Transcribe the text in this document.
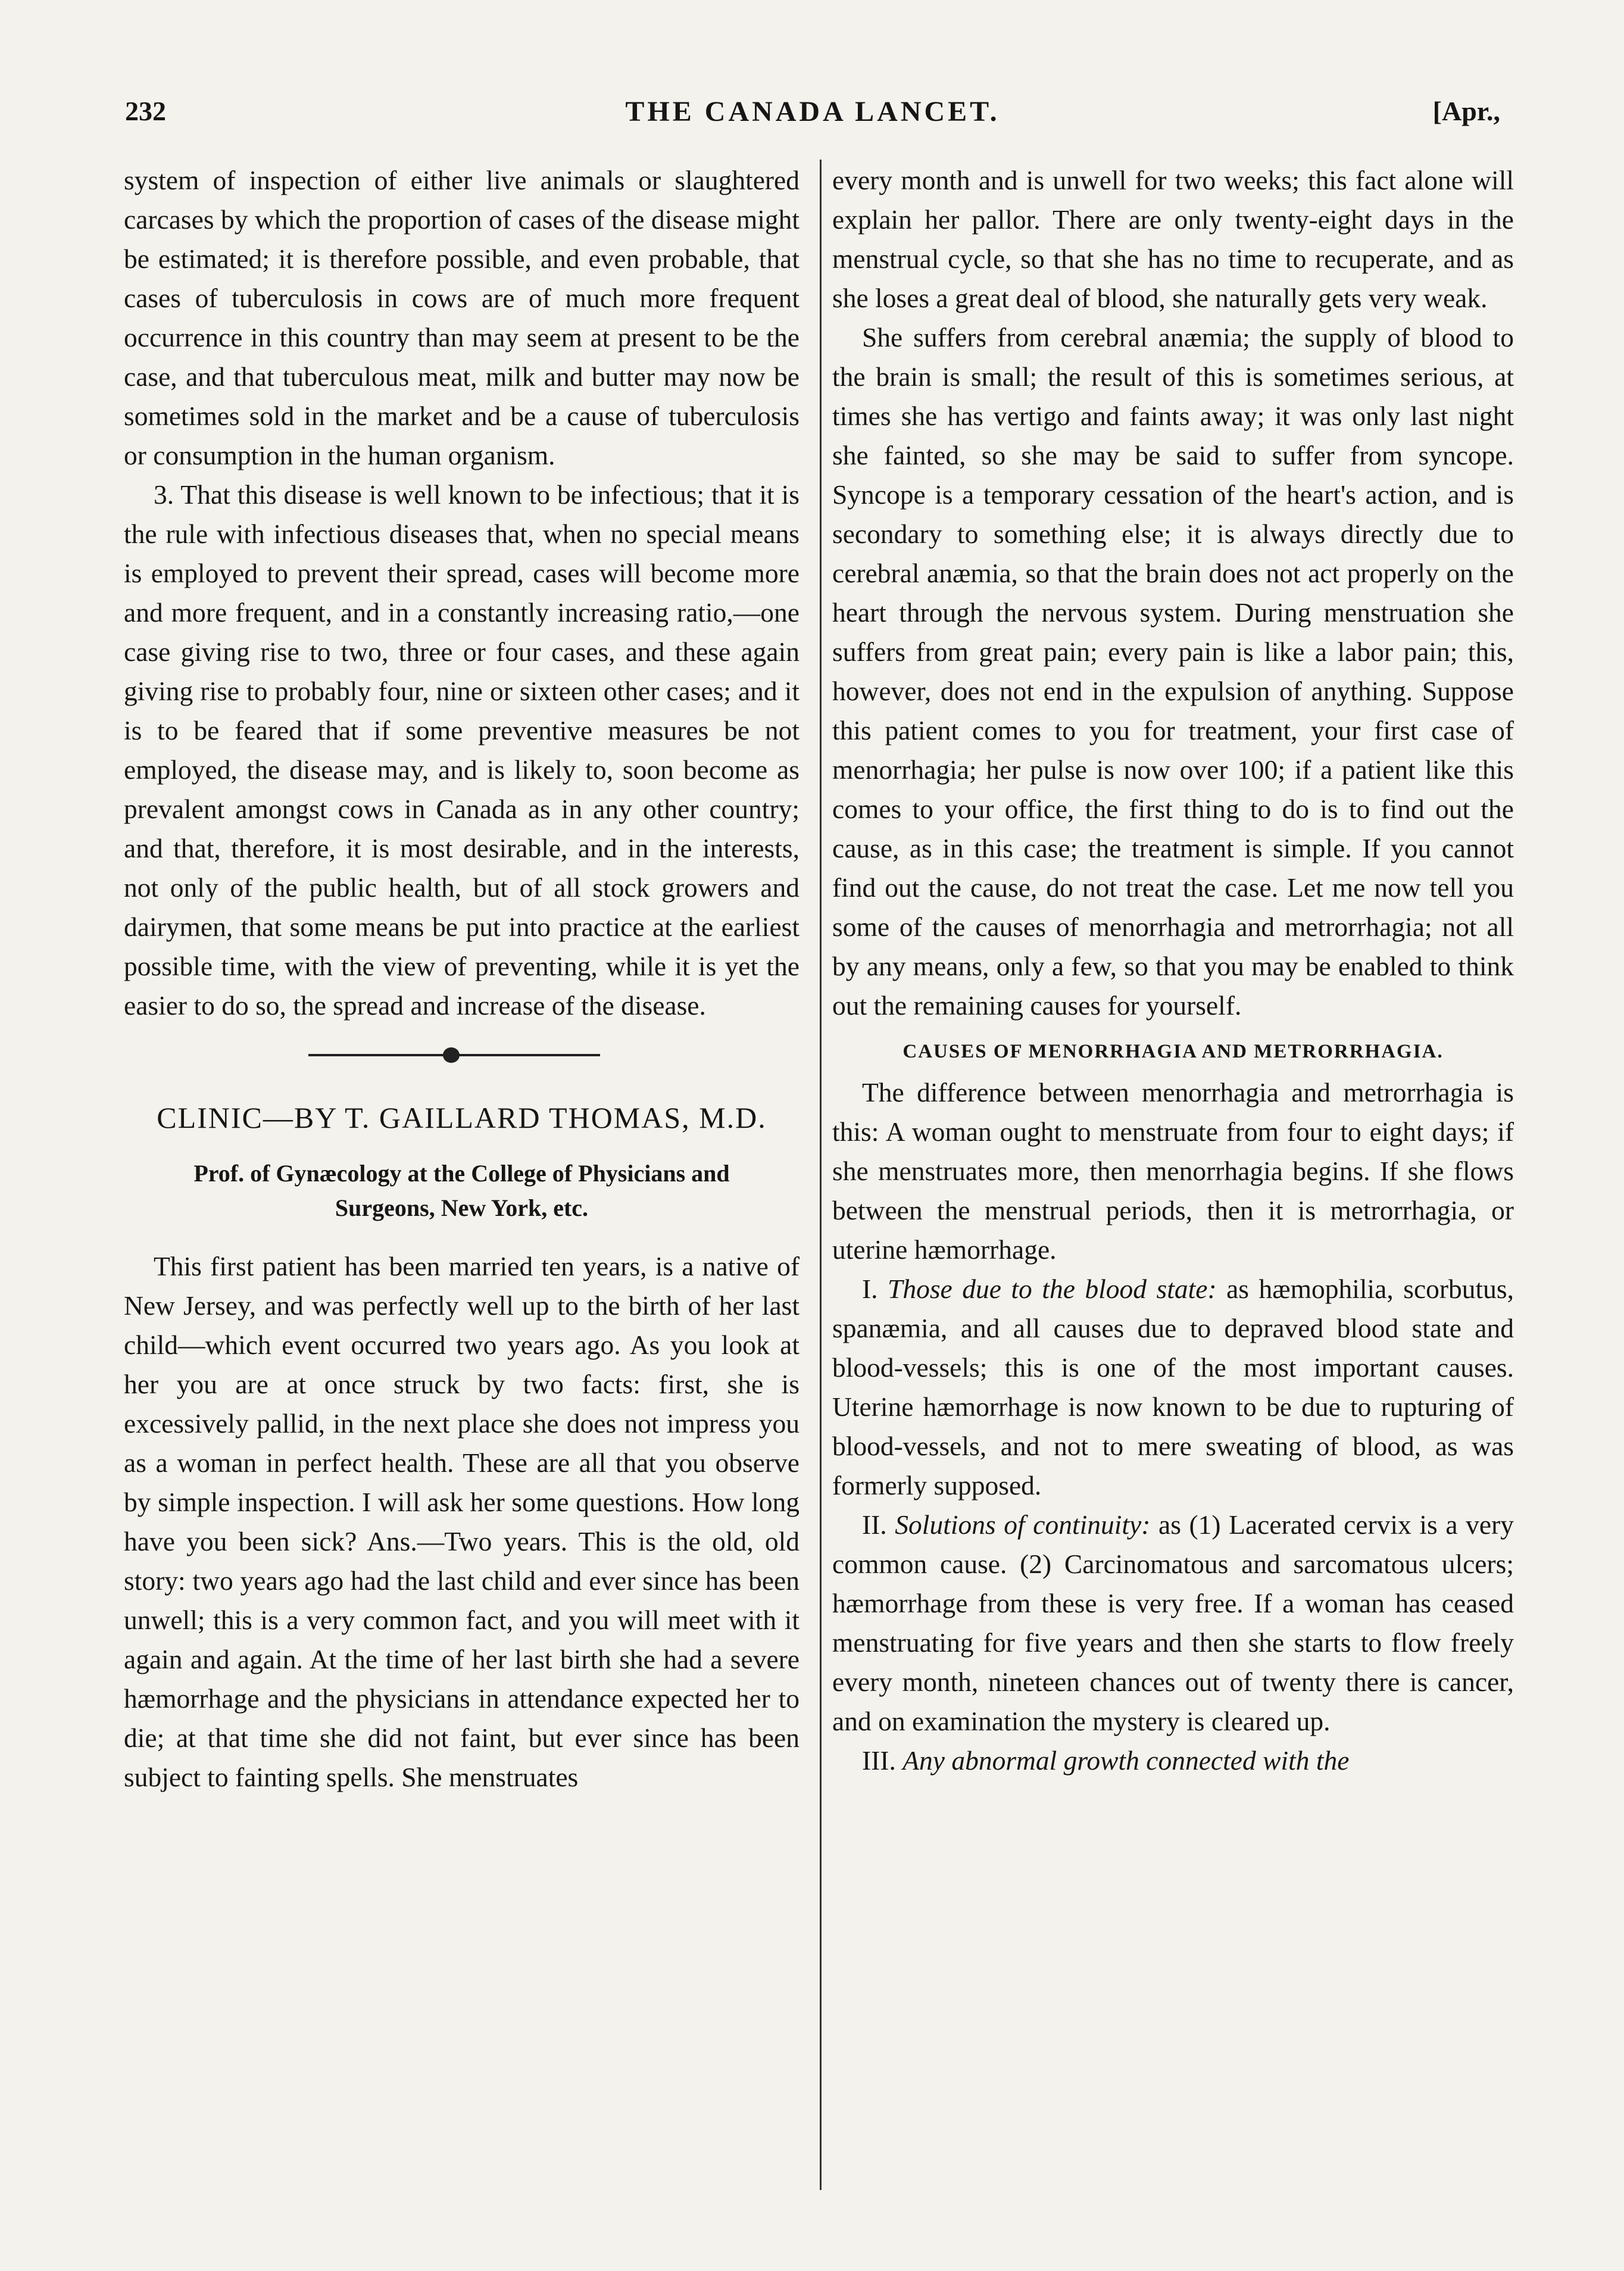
232	THE CANADA LANCET.	[Apr.,

system of inspection of either live animals or slaughtered carcases by which the proportion of cases of the disease might be estimated; it is therefore possible, and even probable, that cases of tuberculosis in cows are of much more frequent occurrence in this country than may seem at present to be the case, and that tuberculous meat, milk and butter may now be sometimes sold in the market and be a cause of tuberculosis or consumption in the human organism.

3. That this disease is well known to be infectious; that it is the rule with infectious diseases that, when no special means is employed to prevent their spread, cases will become more and more frequent, and in a constantly increasing ratio,—one case giving rise to two, three or four cases, and these again giving rise to probably four, nine or sixteen other cases; and it is to be feared that if some preventive measures be not employed, the disease may, and is likely to, soon become as prevalent amongst cows in Canada as in any other country; and that, therefore, it is most desirable, and in the interests, not only of the public health, but of all stock growers and dairymen, that some means be put into practice at the earliest possible time, with the view of preventing, while it is yet the easier to do so, the spread and increase of the disease.

CLINIC—BY T. GAILLARD THOMAS, M.D.
Prof. of Gynæcology at the College of Physicians and Surgeons, New York, etc.

This first patient has been married ten years, is a native of New Jersey, and was perfectly well up to the birth of her last child—which event occurred two years ago. As you look at her you are at once struck by two facts: first, she is excessively pallid, in the next place she does not impress you as a woman in perfect health. These are all that you observe by simple inspection. I will ask her some questions. How long have you been sick? Ans.—Two years. This is the old, old story: two years ago had the last child and ever since has been unwell; this is a very common fact, and you will meet with it again and again. At the time of her last birth she had a severe hæmorrhage and the physicians in attendance expected her to die; at that time she did not faint, but ever since has been subject to fainting spells. She menstruates

every month and is unwell for two weeks; this fact alone will explain her pallor. There are only twenty-eight days in the menstrual cycle, so that she has no time to recuperate, and as she loses a great deal of blood, she naturally gets very weak.

She suffers from cerebral anæmia; the supply of blood to the brain is small; the result of this is sometimes serious, at times she has vertigo and faints away; it was only last night she fainted, so she may be said to suffer from syncope. Syncope is a temporary cessation of the heart's action, and is secondary to something else; it is always directly due to cerebral anæmia, so that the brain does not act properly on the heart through the nervous system. During menstruation she suffers from great pain; every pain is like a labor pain; this, however, does not end in the expulsion of anything. Suppose this patient comes to you for treatment, your first case of menorrhagia; her pulse is now over 100; if a patient like this comes to your office, the first thing to do is to find out the cause, as in this case; the treatment is simple. If you cannot find out the cause, do not treat the case. Let me now tell you some of the causes of menorrhagia and metrorrhagia; not all by any means, only a few, so that you may be enabled to think out the remaining causes for yourself.

CAUSES OF MENORRHAGIA AND METRORRHAGIA.

The difference between menorrhagia and metrorrhagia is this: A woman ought to menstruate from four to eight days; if she menstruates more, then menorrhagia begins. If she flows between the menstrual periods, then it is metrorrhagia, or uterine hæmorrhage.

I. Those due to the blood state: as hæmophilia, scorbutus, spanæmia, and all causes due to depraved blood state and blood-vessels; this is one of the most important causes. Uterine hæmorrhage is now known to be due to rupturing of blood-vessels, and not to mere sweating of blood, as was formerly supposed.

II. Solutions of continuity: as (1) Lacerated cervix is a very common cause. (2) Carcinomatous and sarcomatous ulcers; hæmorrhage from these is very free. If a woman has ceased menstruating for five years and then she starts to flow freely every month, nineteen chances out of twenty there is cancer, and on examination the mystery is cleared up.

III. Any abnormal growth connected with the
